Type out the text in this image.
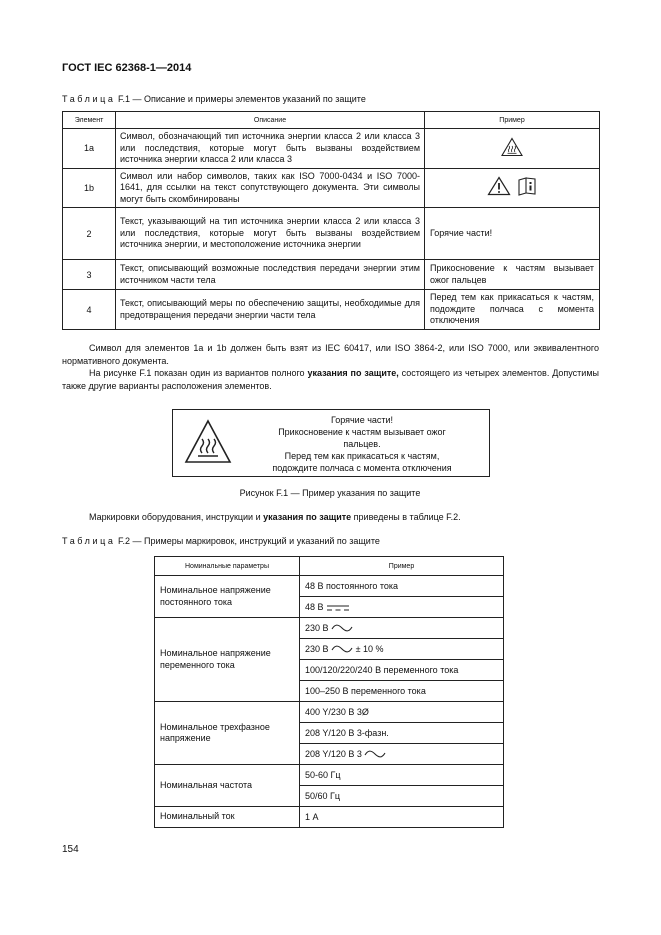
ГОСТ IEC 62368-1—2014
Таблица F.1 — Описание и примеры элементов указаний по защите
Элемент	Описание	Пример
1a	Символ, обозначающий тип источника энергии класса 2 или класса 3 или последствия, которые могут быть вызваны воздействием источника энергии класса 2 или класса 3	
1b	Символ или набор символов, таких как ISO 7000-0434 и ISO 7000-1641, для ссылки на текст сопутствующего документа. Эти символы могут быть скомбинированы	
2	Текст, указывающий на тип источника энергии класса 2 или класса 3 или последствия, которые могут быть вызваны воздействием источника энергии, и местоположение источника энергии	Горячие части!
3	Текст, описывающий возможные последствия передачи энергии этим источником части тела	Прикосновение к частям вызывает ожог пальцев
4	Текст, описывающий меры по обеспечению защиты, необходимые для предотвращения передачи энергии части тела	Перед тем как прикасаться к частям, подождите полчаса с момента отключения
Символ для элементов 1a и 1b должен быть взят из IEC 60417, или ISO 3864-2, или ISO 7000, или эквивалентного нормативного документа.
На рисунке F.1 показан один из вариантов полного указания по защите, состоящего из четырех элементов. Допустимы также другие варианты расположения элементов.
Горячие части!
Прикосновение к частям вызывает ожог
пальцев.
Перед тем как прикасаться к частям,
подождите полчаса с момента отключения
Рисунок F.1 — Пример указания по защите
Маркировки оборудования, инструкции и указания по защите приведены в таблице F.2.
Таблица F.2 — Примеры маркировок, инструкций и указаний по защите
Номинальные параметры	Пример
Номинальное напряжение постоянного тока	48 В постоянного тока
	48 В
Номинальное напряжение переменного тока	230 В
	230 В ± 10 %
	100/120/220/240 В переменного тока
	100–250 В переменного тока
Номинальное трехфазное напряжение	400 Y/230 В 3Ø
	208 Y/120 В 3-фазн.
	208 Y/120 В 3
Номинальная частота	50-60 Гц
	50/60 Гц
Номинальный ток	1 А
154
